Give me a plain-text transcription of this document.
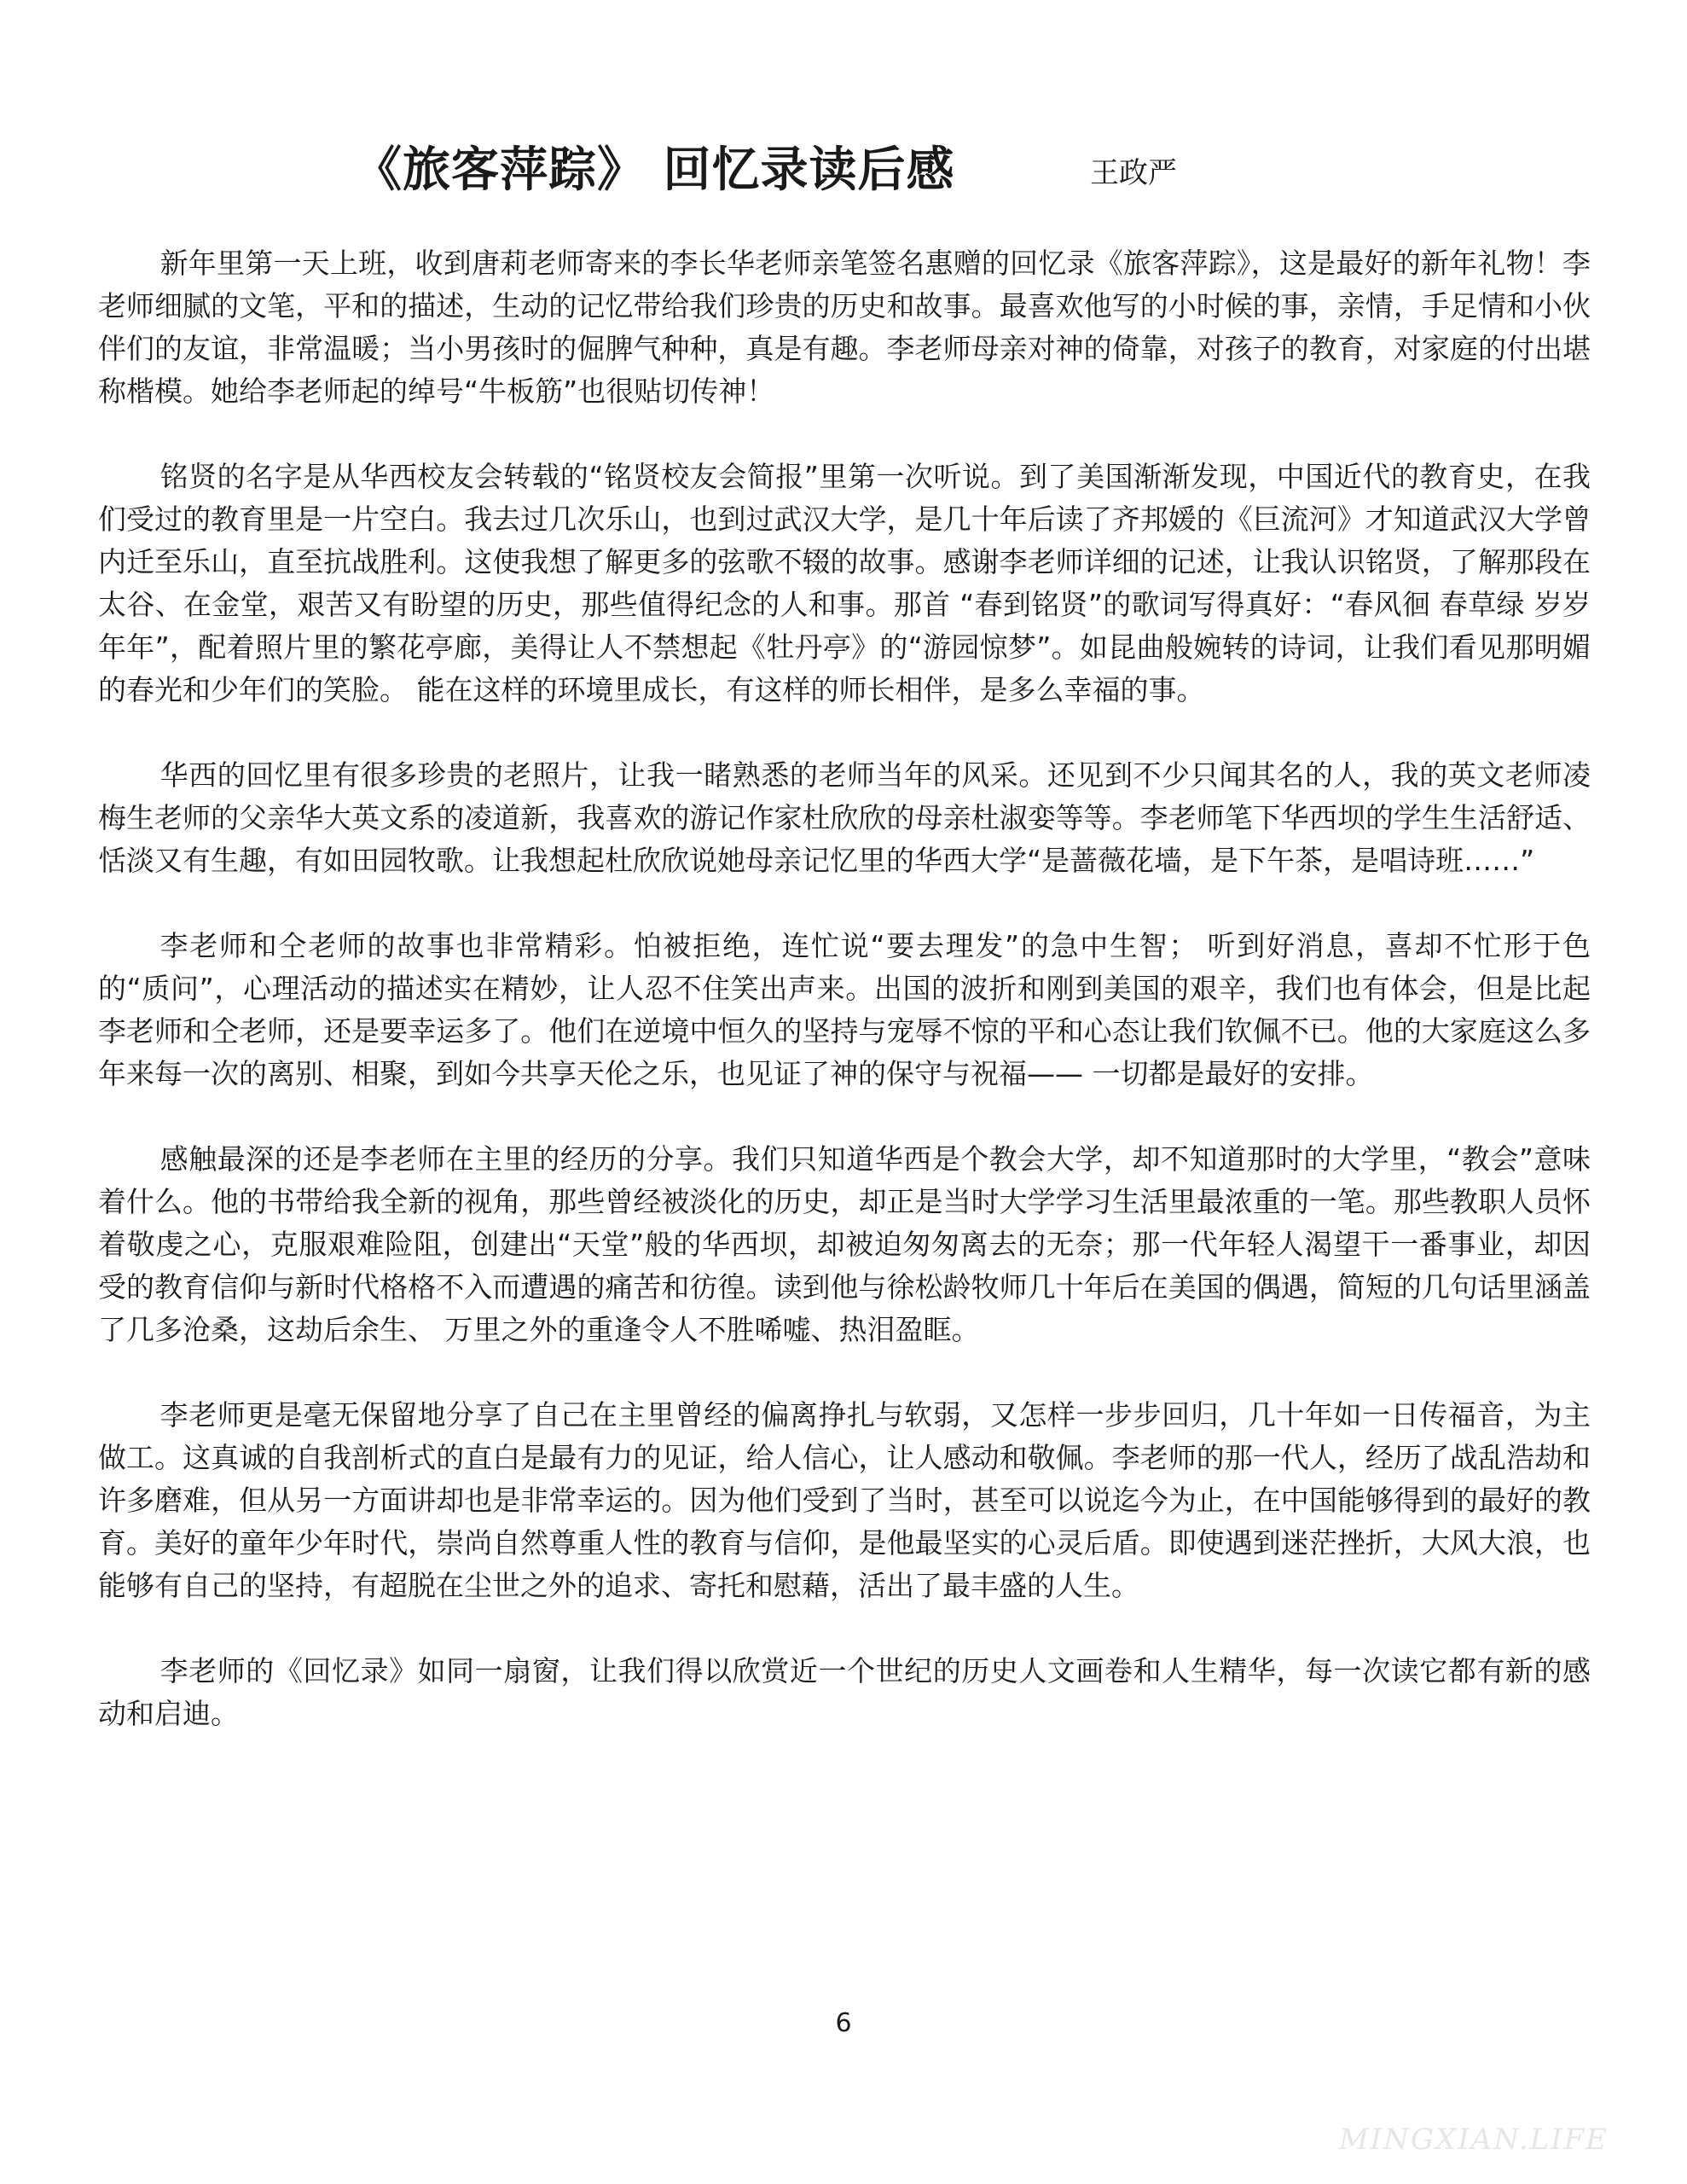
《旅客萍踪》 回忆录读后感	王政严

新年里第一天上班，收到唐莉老师寄来的李长华老师亲笔签名惠赠的回忆录《旅客萍踪》，这是最好的新年礼物！李老师细腻的文笔，平和的描述，生动的记忆带给我们珍贵的历史和故事。最喜欢他写的小时候的事，亲情，手足情和小伙伴们的友谊，非常温暖；当小男孩时的倔脾气种种，真是有趣。李老师母亲对神的倚靠，对孩子的教育，对家庭的付出堪称楷模。她给李老师起的绰号“牛板筋”也很贴切传神！

铭贤的名字是从华西校友会转载的“铭贤校友会简报”里第一次听说。到了美国渐渐发现，中国近代的教育史，在我们受过的教育里是一片空白。我去过几次乐山，也到过武汉大学，是几十年后读了齐邦媛的《巨流河》才知道武汉大学曾内迁至乐山，直至抗战胜利。这使我想了解更多的弦歌不辍的故事。感谢李老师详细的记述，让我认识铭贤，了解那段在太谷、在金堂，艰苦又有盼望的历史，那些值得纪念的人和事。那首 “春到铭贤”的歌词写得真好：“春风徊 春草绿 岁岁年年”，配着照片里的繁花亭廊，美得让人不禁想起《牡丹亭》的“游园惊梦”。如昆曲般婉转的诗词，让我们看见那明媚的春光和少年们的笑脸。 能在这样的环境里成长，有这样的师长相伴，是多么幸福的事。

华西的回忆里有很多珍贵的老照片，让我一睹熟悉的老师当年的风采。还见到不少只闻其名的人，我的英文老师凌梅生老师的父亲华大英文系的凌道新，我喜欢的游记作家杜欣欣的母亲杜淑娈等等。李老师笔下华西坝的学生生活舒适、恬淡又有生趣，有如田园牧歌。让我想起杜欣欣说她母亲记忆里的华西大学“是蔷薇花墙，是下午茶，是唱诗班……”

李老师和仝老师的故事也非常精彩。怕被拒绝，连忙说“要去理发”的急中生智； 听到好消息，喜却不忙形于色的“质问”，心理活动的描述实在精妙，让人忍不住笑出声来。出国的波折和刚到美国的艰辛，我们也有体会，但是比起李老师和仝老师，还是要幸运多了。他们在逆境中恒久的坚持与宠辱不惊的平和心态让我们钦佩不已。他的大家庭这么多年来每一次的离别、相聚，到如今共享天伦之乐，也见证了神的保守与祝福—— 一切都是最好的安排。

感触最深的还是李老师在主里的经历的分享。我们只知道华西是个教会大学，却不知道那时的大学里，“教会”意味着什么。他的书带给我全新的视角，那些曾经被淡化的历史，却正是当时大学学习生活里最浓重的一笔。那些教职人员怀着敬虔之心，克服艰难险阻，创建出“天堂”般的华西坝，却被迫匆匆离去的无奈；那一代年轻人渴望干一番事业，却因受的教育信仰与新时代格格不入而遭遇的痛苦和彷徨。读到他与徐松龄牧师几十年后在美国的偶遇，简短的几句话里涵盖了几多沧桑，这劫后余生、 万里之外的重逢令人不胜唏嘘、热泪盈眶。

李老师更是毫无保留地分享了自己在主里曾经的偏离挣扎与软弱，又怎样一步步回归，几十年如一日传福音，为主做工。这真诚的自我剖析式的直白是最有力的见证，给人信心，让人感动和敬佩。李老师的那一代人，经历了战乱浩劫和许多磨难，但从另一方面讲却也是非常幸运的。因为他们受到了当时，甚至可以说迄今为止，在中国能够得到的最好的教育。美好的童年少年时代，崇尚自然尊重人性的教育与信仰，是他最坚实的心灵后盾。即使遇到迷茫挫折，大风大浪，也能够有自己的坚持，有超脱在尘世之外的追求、寄托和慰藉，活出了最丰盛的人生。

李老师的《回忆录》如同一扇窗，让我们得以欣赏近一个世纪的历史人文画卷和人生精华，每一次读它都有新的感动和启迪。

6
MINGXIAN.LIFE
